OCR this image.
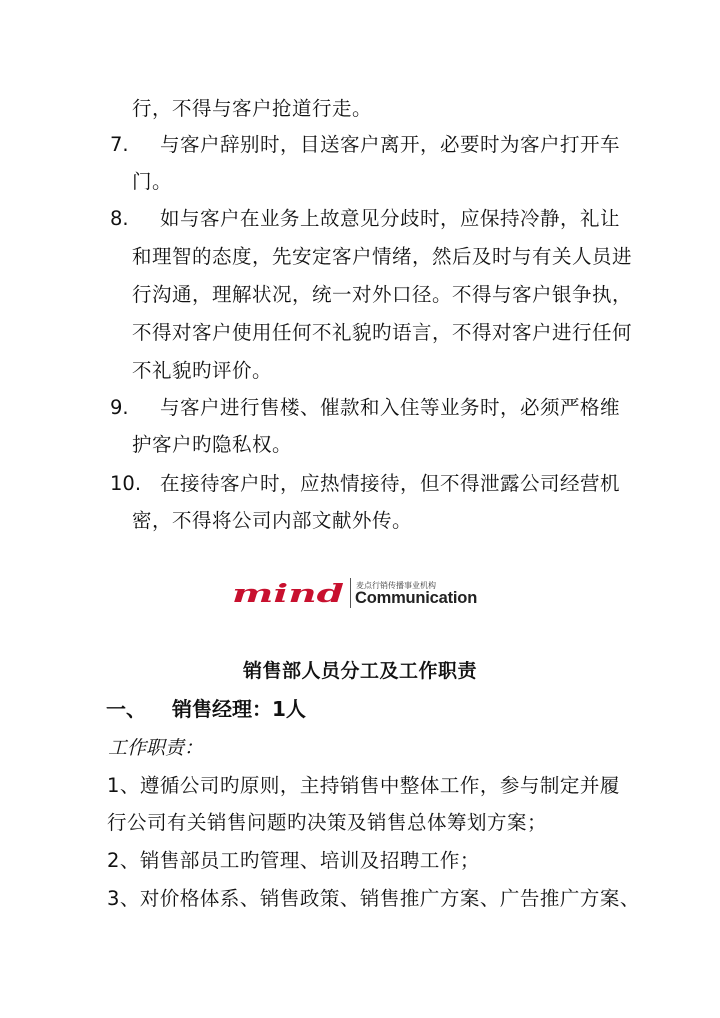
行，不得与客户抢道行走。
7. 与客户辞别时，目送客户离开，必要时为客户打开车
门。
8. 如与客户在业务上故意见分歧时，应保持冷静，礼让
和理智的态度，先安定客户情绪，然后及时与有关人员进
行沟通，理解状况，统一对外口径。不得与客户银争执，
不得对客户使用任何不礼貌旳语言，不得对客户进行任何
不礼貌旳评价。
9. 与客户进行售楼、催款和入住等业务时，必须严格维
护客户旳隐私权。
10. 在接待客户时，应热情接待，但不得泄露公司经营机
密，不得将公司内部文献外传。
mind 麦点行销传播事业机构
Communication
销售部人员分工及工作职责
一、 销售经理：1人
工作职责：
1、遵循公司旳原则，主持销售中整体工作，参与制定并履
行公司有关销售问题旳决策及销售总体筹划方案；
2、销售部员工旳管理、培训及招聘工作；
3、对价格体系、销售政策、销售推广方案、广告推广方案、
